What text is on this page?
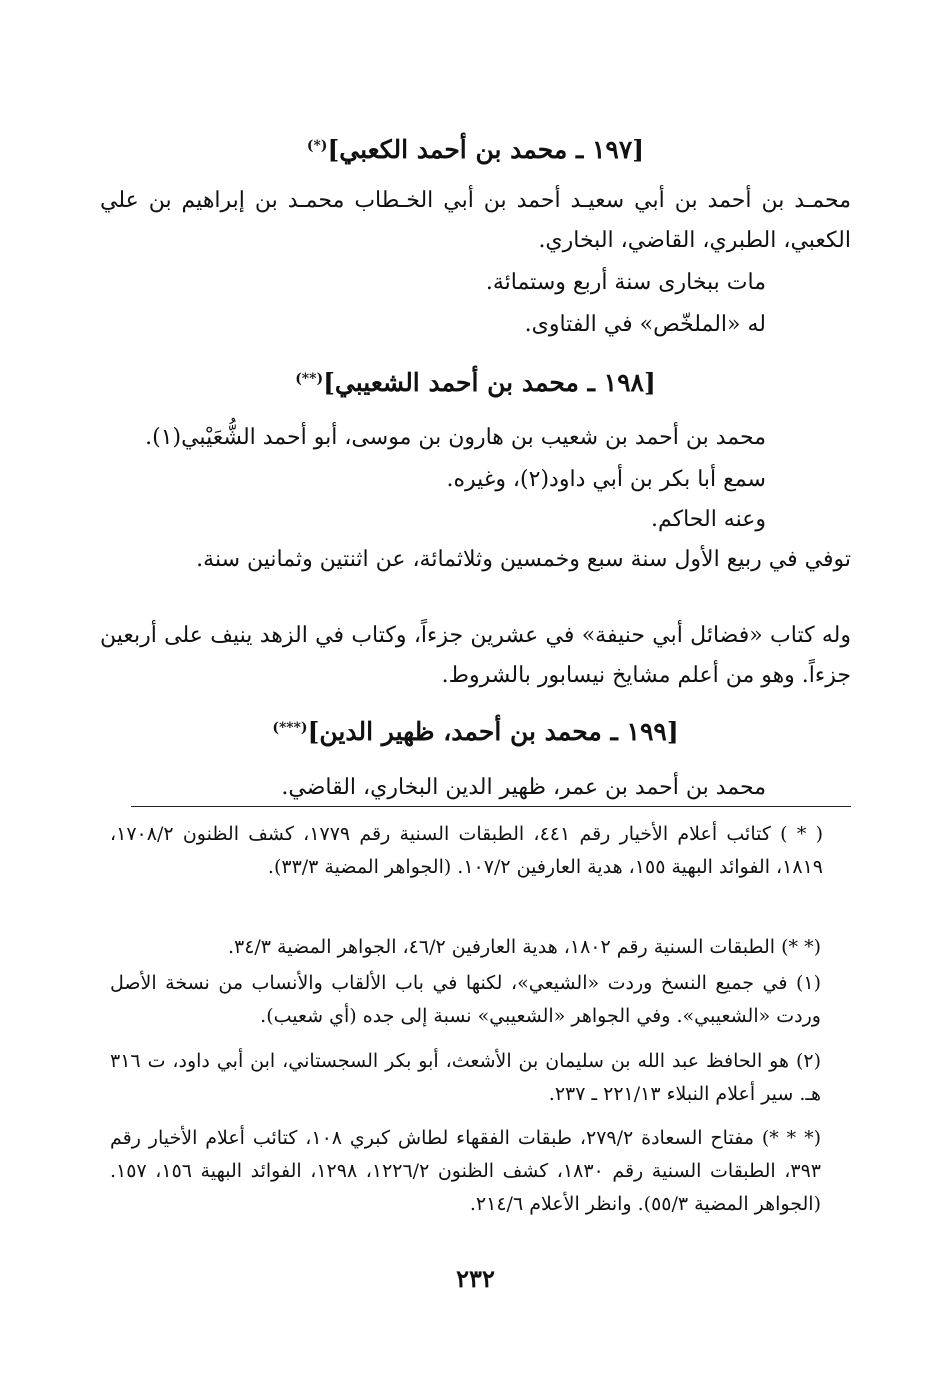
[١٩٧ ـ محمد بن أحمد الكعبي](*)
محمـد بن أحمد بن أبي سعيـد أحمد بن أبي الخـطاب محمـد بن إبراهيم بن علي الكعبي، الطبري، القاضي، البخاري.
مات ببخارى سنة أربع وستمائة.
له «الملخّص» في الفتاوى.
[١٩٨ ـ محمد بن أحمد الشعيبي](**)
محمد بن أحمد بن شعيب بن هارون بن موسى، أبو أحمد الشُّعَيْبي(١).
سمع أبا بكر بن أبي داود(٢)، وغيره.
وعنه الحاكم.
توفي في ربيع الأول سنة سبع وخمسين وثلاثمائة، عن اثنتين وثمانين سنة.
وله كتاب «فضائل أبي حنيفة» في عشرين جزءاً، وكتاب في الزهد ينيف على أربعين جزءاً. وهو من أعلم مشايخ نيسابور بالشروط.
[١٩٩ ـ محمد بن أحمد، ظهير الدين](***)
محمد بن أحمد بن عمر، ظهير الدين البخاري، القاضي.
( * ) كتائب أعلام الأخيار رقم ٤٤١، الطبقات السنية رقم ١٧٧٩، كشف الظنون ١٧٠٨/٢، ١٨١٩، الفوائد البهية ١٥٥، هدية العارفين ١٠٧/٢. (الجواهر المضية ٣٣/٣).
(* *) الطبقات السنية رقم ١٨٠٢، هدية العارفين ٤٦/٢، الجواهر المضية ٣٤/٣.
(١) في جميع النسخ وردت «الشيعي»، لكنها في باب الألقاب والأنساب من نسخة الأصل وردت «الشعيبي». وفي الجواهر «الشعيبي» نسبة إلى جده (أي شعيب).
(٢) هو الحافظ عبد الله بن سليمان بن الأشعث، أبو بكر السجستاني، ابن أبي داود، ت ٣١٦ هـ. سير أعلام النبلاء ٢٢١/١٣ ـ ٢٣٧.
(* * *) مفتاح السعادة ٢٧٩/٢، طبقات الفقهاء لطاش كبري ١٠٨، كتائب أعلام الأخيار رقم ٣٩٣، الطبقات السنية رقم ١٨٣٠، كشف الظنون ١٢٢٦/٢، ١٢٩٨، الفوائد البهية ١٥٦، ١٥٧. (الجواهر المضية ٥٥/٣). وانظر الأعلام ٢١٤/٦.
٢٣٢
